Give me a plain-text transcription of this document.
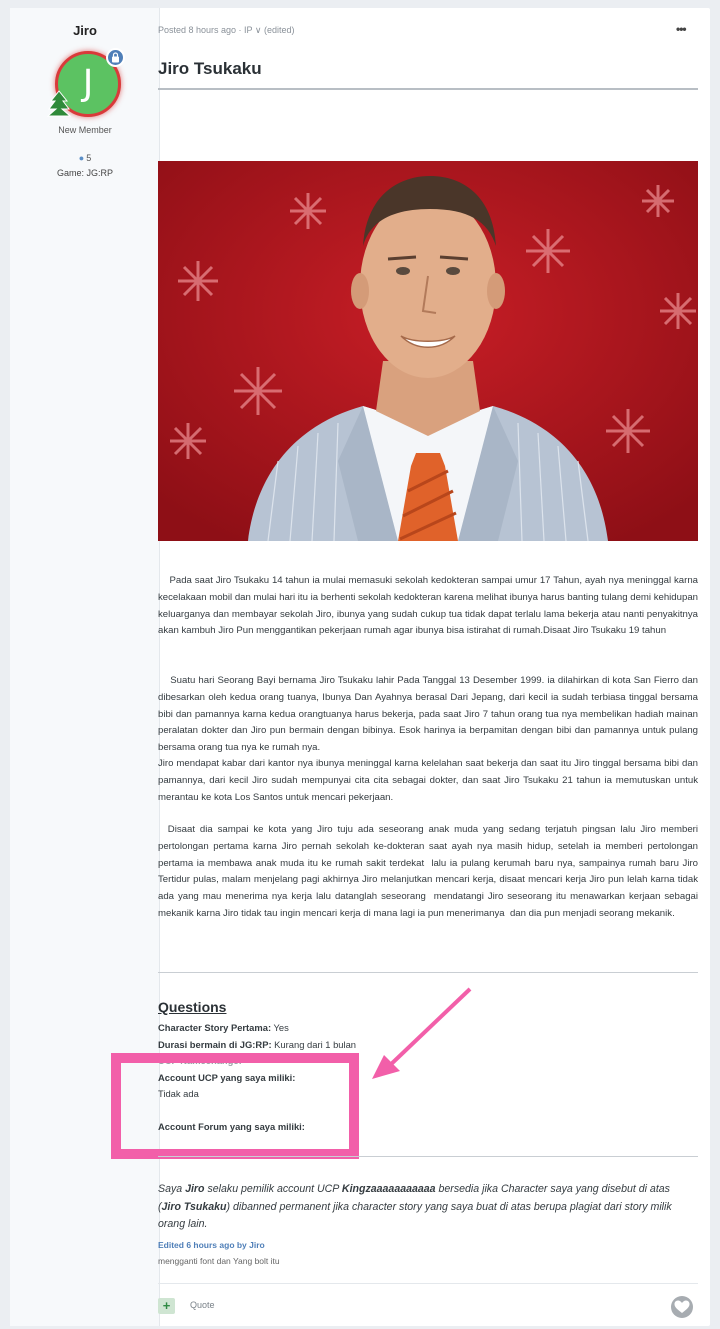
Jiro
J
New Member
● 5
Game: JG:RP
Posted 8 hours ago · IP ∨ (edited)	•••
Jiro Tsukaku
Pada saat Jiro Tsukaku 14 tahun ia mulai memasuki sekolah kedokteran sampai umur 17 Tahun, ayah nya meninggal karna kecelakaan mobil dan mulai hari itu ia berhenti sekolah kedokteran karena melihat ibunya harus banting tulang demi kehidupan keluarganya dan membayar sekolah Jiro, ibunya yang sudah cukup tua tidak dapat terlalu lama bekerja atau nanti penyakitnya akan kambuh Jiro Pun menggantikan pekerjaan rumah agar ibunya bisa istirahat di rumah.Disaat Jiro Tsukaku 19 tahun
Suatu hari Seorang Bayi bernama Jiro Tsukaku lahir Pada Tanggal 13 Desember 1999. ia dilahirkan di kota San Fierro dan dibesarkan oleh kedua orang tuanya, Ibunya Dan Ayahnya berasal Dari Jepang, dari kecil ia sudah terbiasa tinggal bersama bibi dan pamannya karna kedua orangtuanya harus bekerja, pada saat Jiro 7 tahun orang tua nya membelikan hadiah mainan peralatan dokter dan Jiro pun bermain dengan bibinya. Esok harinya ia berpamitan dengan bibi dan pamannya untuk pulang bersama orang tua nya ke rumah nya.
Jiro mendapat kabar dari kantor nya ibunya meninggal karna kelelahan saat bekerja dan saat itu Jiro tinggal bersama bibi dan pamannya, dari kecil Jiro sudah mempunyai cita cita sebagai dokter, dan saat Jiro Tsukaku 21 tahun ia memutuskan untuk merantau ke kota Los Santos untuk mencari pekerjaan.
Disaat dia sampai ke kota yang Jiro tuju ada seseorang anak muda yang sedang terjatuh pingsan lalu Jiro memberi pertolongan pertama karna Jiro pernah sekolah ke-dokteran saat ayah nya masih hidup, setelah ia memberi pertolongan pertama ia membawa anak muda itu ke rumah sakit terdekat  lalu ia pulang kerumah baru nya, sampainya rumah baru Jiro Tertidur pulas, malam menjelang pagi akhirnya Jiro melanjutkan mencari kerja, disaat mencari kerja Jiro pun lelah karna tidak ada yang mau menerima nya kerja lalu datanglah seseorang  mendatangi Jiro seseorang itu menawarkan kerjaan sebagai mekanik karna Jiro tidak tau ingin mencari kerja di mana lagi ia pun menerimanya  dan dia pun menjadi seorang mekanik.
Questions
Character Story Pertama: Yes
Durasi bermain di JG:RP: Kurang dari 1 bulan
UCP Namechange:
Account UCP yang saya miliki:
Tidak ada
Account Forum yang saya miliki:
Saya Jiro selaku pemilik account UCP Kingzaaaaaaaaaaa bersedia jika Character saya yang disebut di atas (Jiro Tsukaku) dibanned permanent jika character story yang saya buat di atas berupa plagiat dari story milik orang lain.
Edited 6 hours ago by Jiro
mengganti font dan Yang bolt itu
+	Quote
